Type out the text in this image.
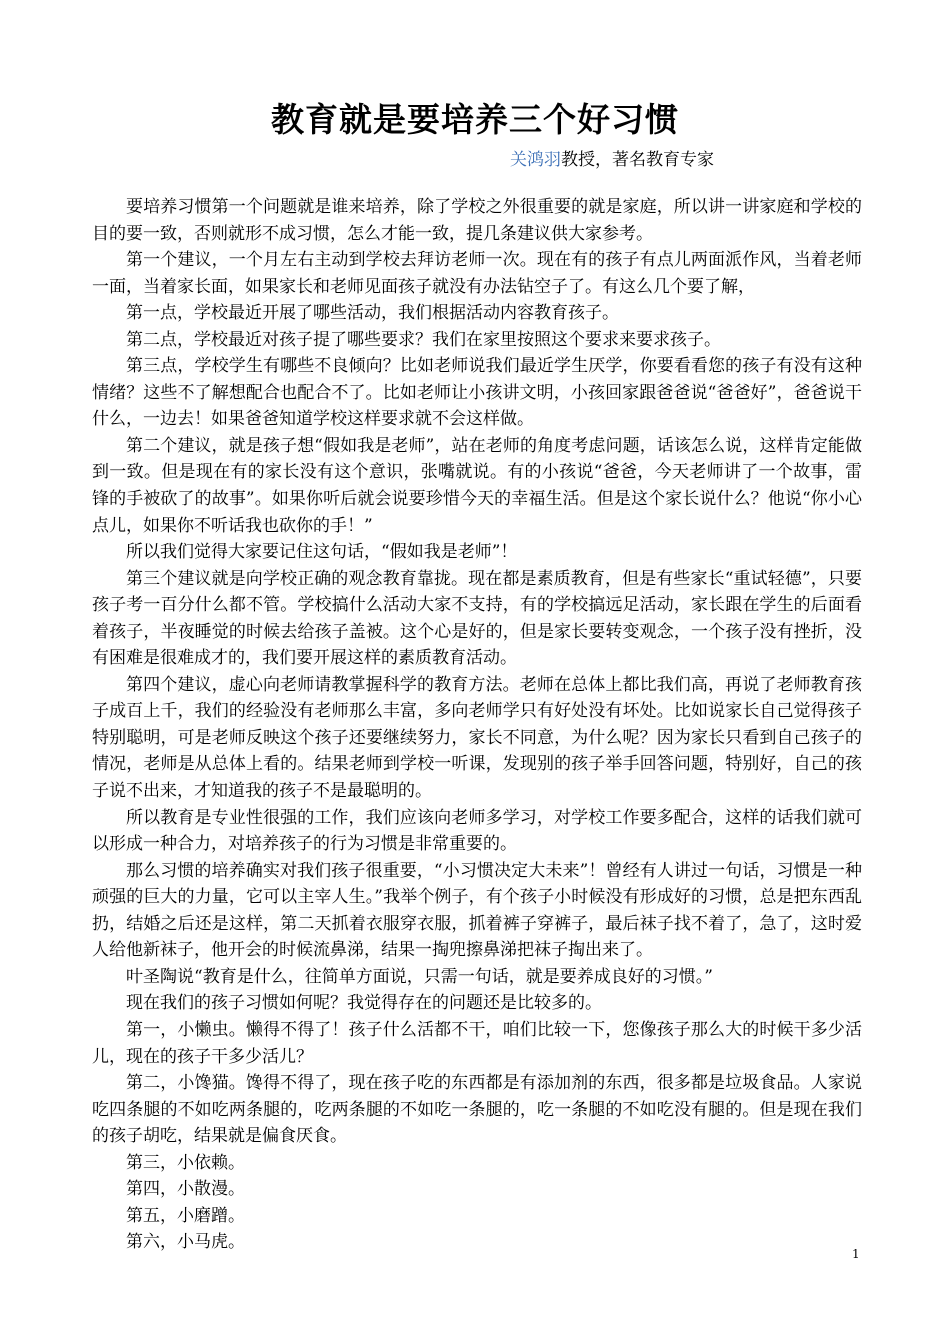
教育就是要培养三个好习惯
关鸿羽教授，著名教育专家

要培养习惯第一个问题就是谁来培养，除了学校之外很重要的就是家庭，所以讲一讲家庭和学校的目的要一致，否则就形不成习惯，怎么才能一致，提几条建议供大家参考。

第一个建议，一个月左右主动到学校去拜访老师一次。现在有的孩子有点儿两面派作风，当着老师一面，当着家长面，如果家长和老师见面孩子就没有办法钻空子了。有这么几个要了解，

第一点，学校最近开展了哪些活动，我们根据活动内容教育孩子。

第二点，学校最近对孩子提了哪些要求？我们在家里按照这个要求来要求孩子。

第三点，学校学生有哪些不良倾向？比如老师说我们最近学生厌学，你要看看您的孩子有没有这种情绪？这些不了解想配合也配合不了。比如老师让小孩讲文明，小孩回家跟爸爸说“爸爸好”，爸爸说干什么，一边去！如果爸爸知道学校这样要求就不会这样做。

第二个建议，就是孩子想“假如我是老师”，站在老师的角度考虑问题，话该怎么说，这样肯定能做到一致。但是现在有的家长没有这个意识，张嘴就说。有的小孩说“爸爸，今天老师讲了一个故事，雷锋的手被砍了的故事”。如果你听后就会说要珍惜今天的幸福生活。但是这个家长说什么？他说“你小心点儿，如果你不听话我也砍你的手！”

所以我们觉得大家要记住这句话，“假如我是老师”！

第三个建议就是向学校正确的观念教育靠拢。现在都是素质教育，但是有些家长“重试轻德”，只要孩子考一百分什么都不管。学校搞什么活动大家不支持，有的学校搞远足活动，家长跟在学生的后面看着孩子，半夜睡觉的时候去给孩子盖被。这个心是好的，但是家长要转变观念，一个孩子没有挫折，没有困难是很难成才的，我们要开展这样的素质教育活动。

第四个建议，虚心向老师请教掌握科学的教育方法。老师在总体上都比我们高，再说了老师教育孩子成百上千，我们的经验没有老师那么丰富，多向老师学只有好处没有坏处。比如说家长自己觉得孩子特别聪明，可是老师反映这个孩子还要继续努力，家长不同意，为什么呢？因为家长只看到自己孩子的情况，老师是从总体上看的。结果老师到学校一听课，发现别的孩子举手回答问题，特别好，自己的孩子说不出来，才知道我的孩子不是最聪明的。

所以教育是专业性很强的工作，我们应该向老师多学习，对学校工作要多配合，这样的话我们就可以形成一种合力，对培养孩子的行为习惯是非常重要的。

那么习惯的培养确实对我们孩子很重要，“小习惯决定大未来”！曾经有人讲过一句话，习惯是一种顽强的巨大的力量，它可以主宰人生。”我举个例子，有个孩子小时候没有形成好的习惯，总是把东西乱扔，结婚之后还是这样，第二天抓着衣服穿衣服，抓着裤子穿裤子，最后袜子找不着了，急了，这时爱人给他新袜子，他开会的时候流鼻涕，结果一掏兜擦鼻涕把袜子掏出来了。

叶圣陶说“教育是什么，往简单方面说，只需一句话，就是要养成良好的习惯。”

现在我们的孩子习惯如何呢？我觉得存在的问题还是比较多的。

第一，小懒虫。懒得不得了！孩子什么活都不干，咱们比较一下，您像孩子那么大的时候干多少活儿，现在的孩子干多少活儿？

第二，小馋猫。馋得不得了，现在孩子吃的东西都是有添加剂的东西，很多都是垃圾食品。人家说吃四条腿的不如吃两条腿的，吃两条腿的不如吃一条腿的，吃一条腿的不如吃没有腿的。但是现在我们的孩子胡吃，结果就是偏食厌食。

第三，小依赖。

第四，小散漫。

第五，小磨蹭。

第六，小马虎。

1
